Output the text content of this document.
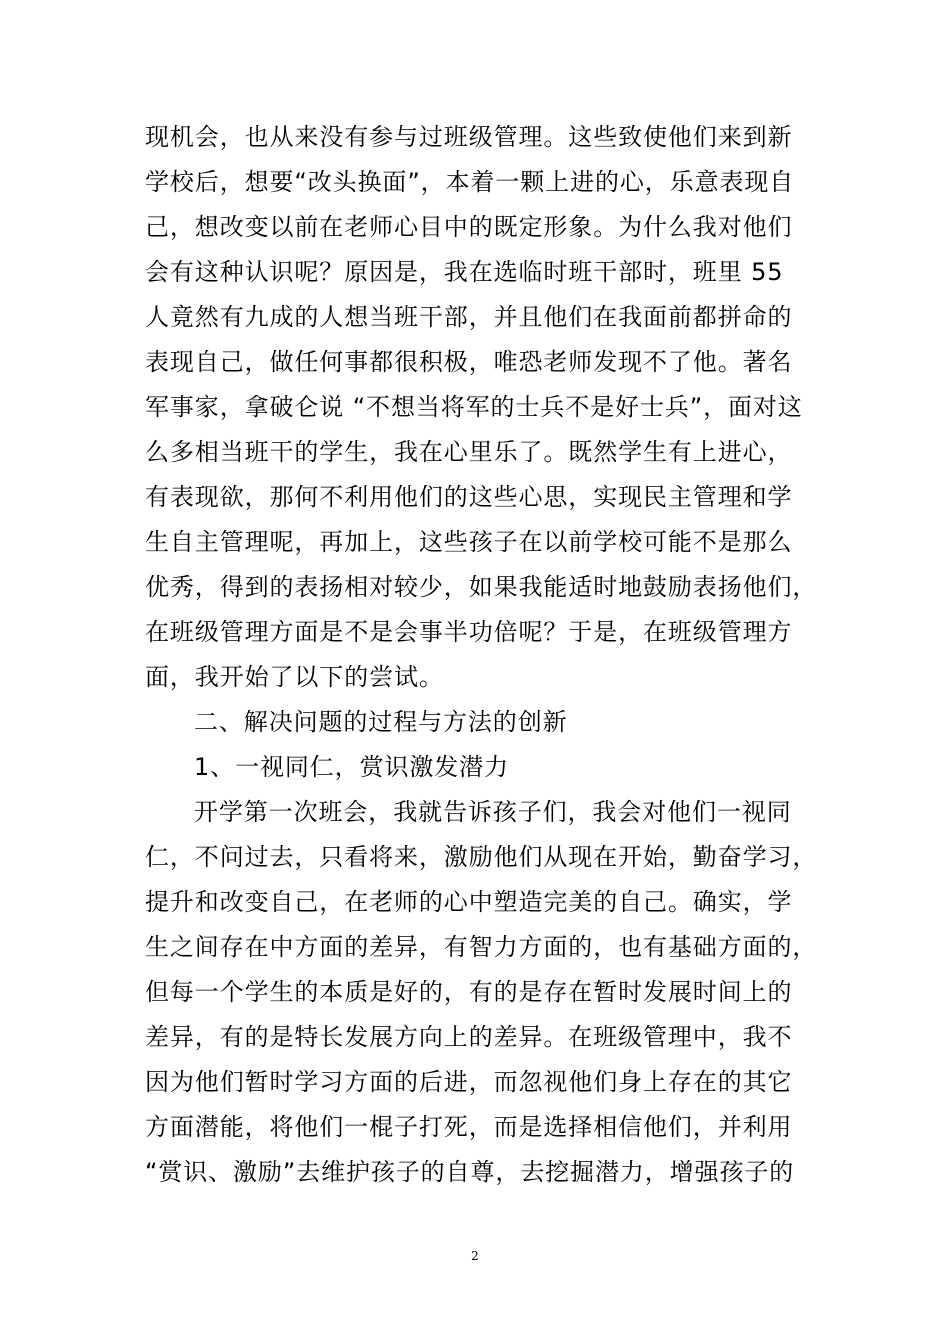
现机会，也从来没有参与过班级管理。这些致使他们来到新
学校后，想要“改头换面”，本着一颗上进的心，乐意表现自
己，想改变以前在老师心目中的既定形象。为什么我对他们
会有这种认识呢？原因是，我在选临时班干部时，班里 55
人竟然有九成的人想当班干部，并且他们在我面前都拼命的
表现自己，做任何事都很积极，唯恐老师发现不了他。著名
军事家，拿破仑说 “不想当将军的士兵不是好士兵”，面对这
么多相当班干的学生，我在心里乐了。既然学生有上进心，
有表现欲，那何不利用他们的这些心思，实现民主管理和学
生自主管理呢，再加上，这些孩子在以前学校可能不是那么
优秀，得到的表扬相对较少，如果我能适时地鼓励表扬他们，
在班级管理方面是不是会事半功倍呢？于是，在班级管理方
面，我开始了以下的尝试。
二、解决问题的过程与方法的创新
1、一视同仁，赏识激发潜力
开学第一次班会，我就告诉孩子们，我会对他们一视同
仁，不问过去，只看将来，激励他们从现在开始，勤奋学习，
提升和改变自己，在老师的心中塑造完美的自己。确实，学
生之间存在中方面的差异，有智力方面的，也有基础方面的，
但每一个学生的本质是好的，有的是存在暂时发展时间上的
差异，有的是特长发展方向上的差异。在班级管理中，我不
因为他们暂时学习方面的后进，而忽视他们身上存在的其它
方面潜能，将他们一棍子打死，而是选择相信他们，并利用
“赏识、激励”去维护孩子的自尊，去挖掘潜力，增强孩子的
2
